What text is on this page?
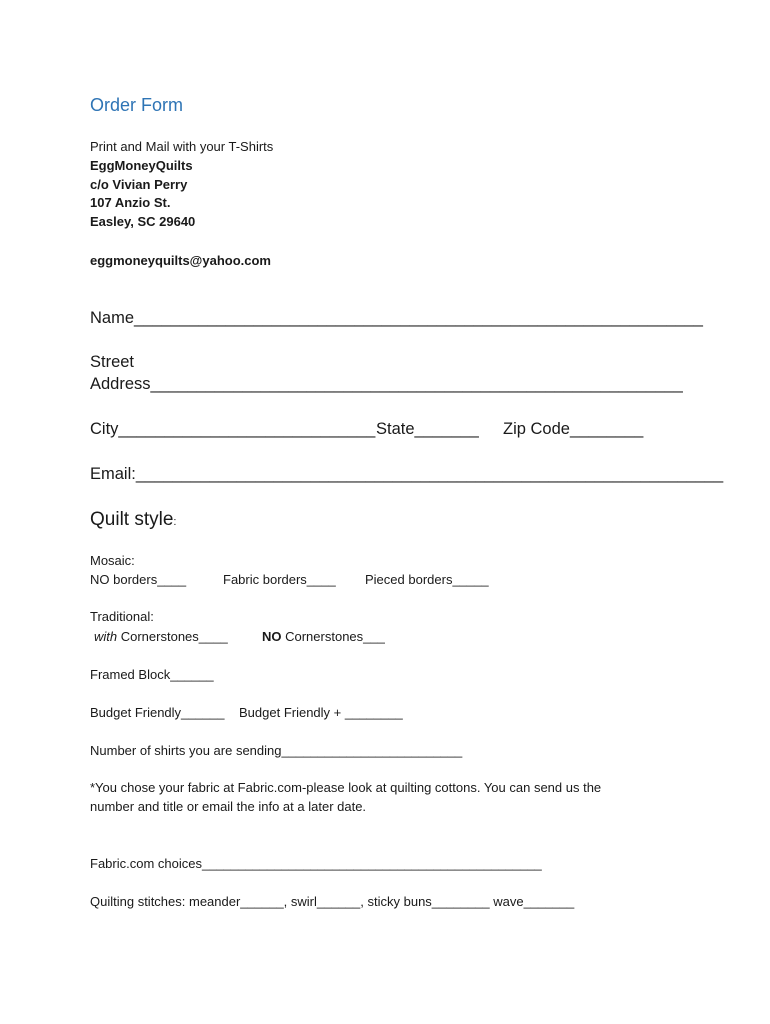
Order Form
Print and Mail with your T-Shirts
EggMoneyQuilts
c/o Vivian Perry
107 Anzio St.
Easley, SC 29640
eggmoneyquilts@yahoo.com
Name______________________________________________________________
Street
Address__________________________________________________________
City____________________________ State_______ Zip Code________
Email:________________________________________________________________
Quilt style:
Mosaic:
NO borders____	Fabric borders____ Pieced borders_____
Traditional:
with Cornerstones____	NO Cornerstones___
Framed Block______
Budget Friendly______ Budget Friendly + ________
Number of shirts you are sending_________________________
*You chose your fabric at Fabric.com-please look at quilting cottons. You can send us the
number and title or email the info at a later date.
Fabric.com choices_______________________________________________
Quilting stitches: meander______, swirl______, sticky buns________ wave_______
